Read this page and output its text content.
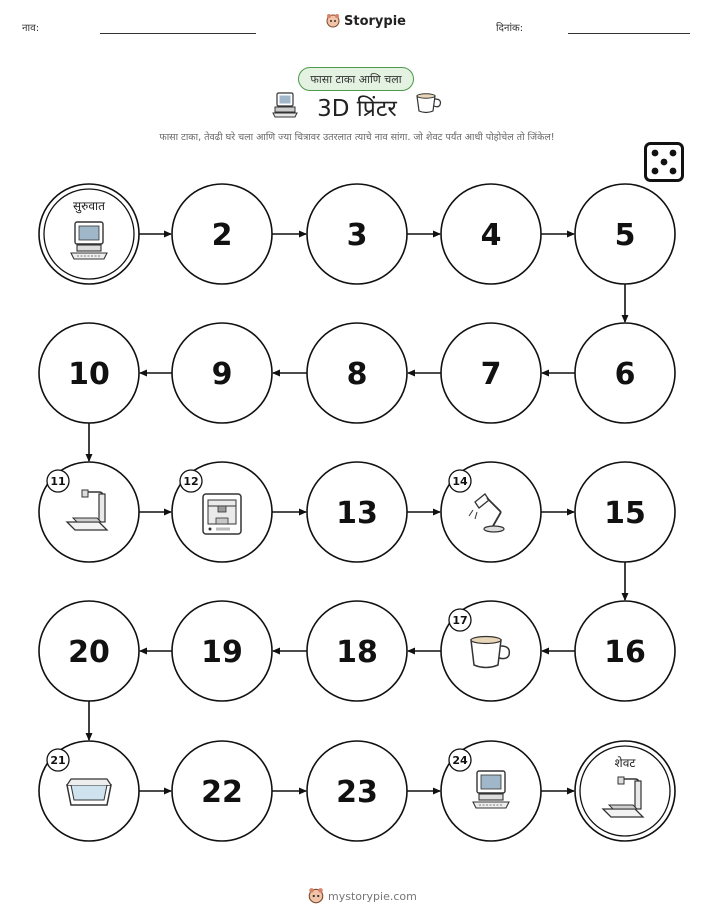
नाव:	Storypie	दिनांक:
फासा टाका आणि चला
3D प्रिंटर
फासा टाका, तेवढी घरे चला आणि ज्या चित्रावर उतरलात त्याचे नाव सांगा. जो शेवट पर्यंत आधी पोहोचेल तो जिंकेल!
सुरुवात
2	3	4	5
6
7
8
9
10
11	12
13
14
15
16
17
18
19
20
21
22	23
24	शेवट
mystorypie.com
